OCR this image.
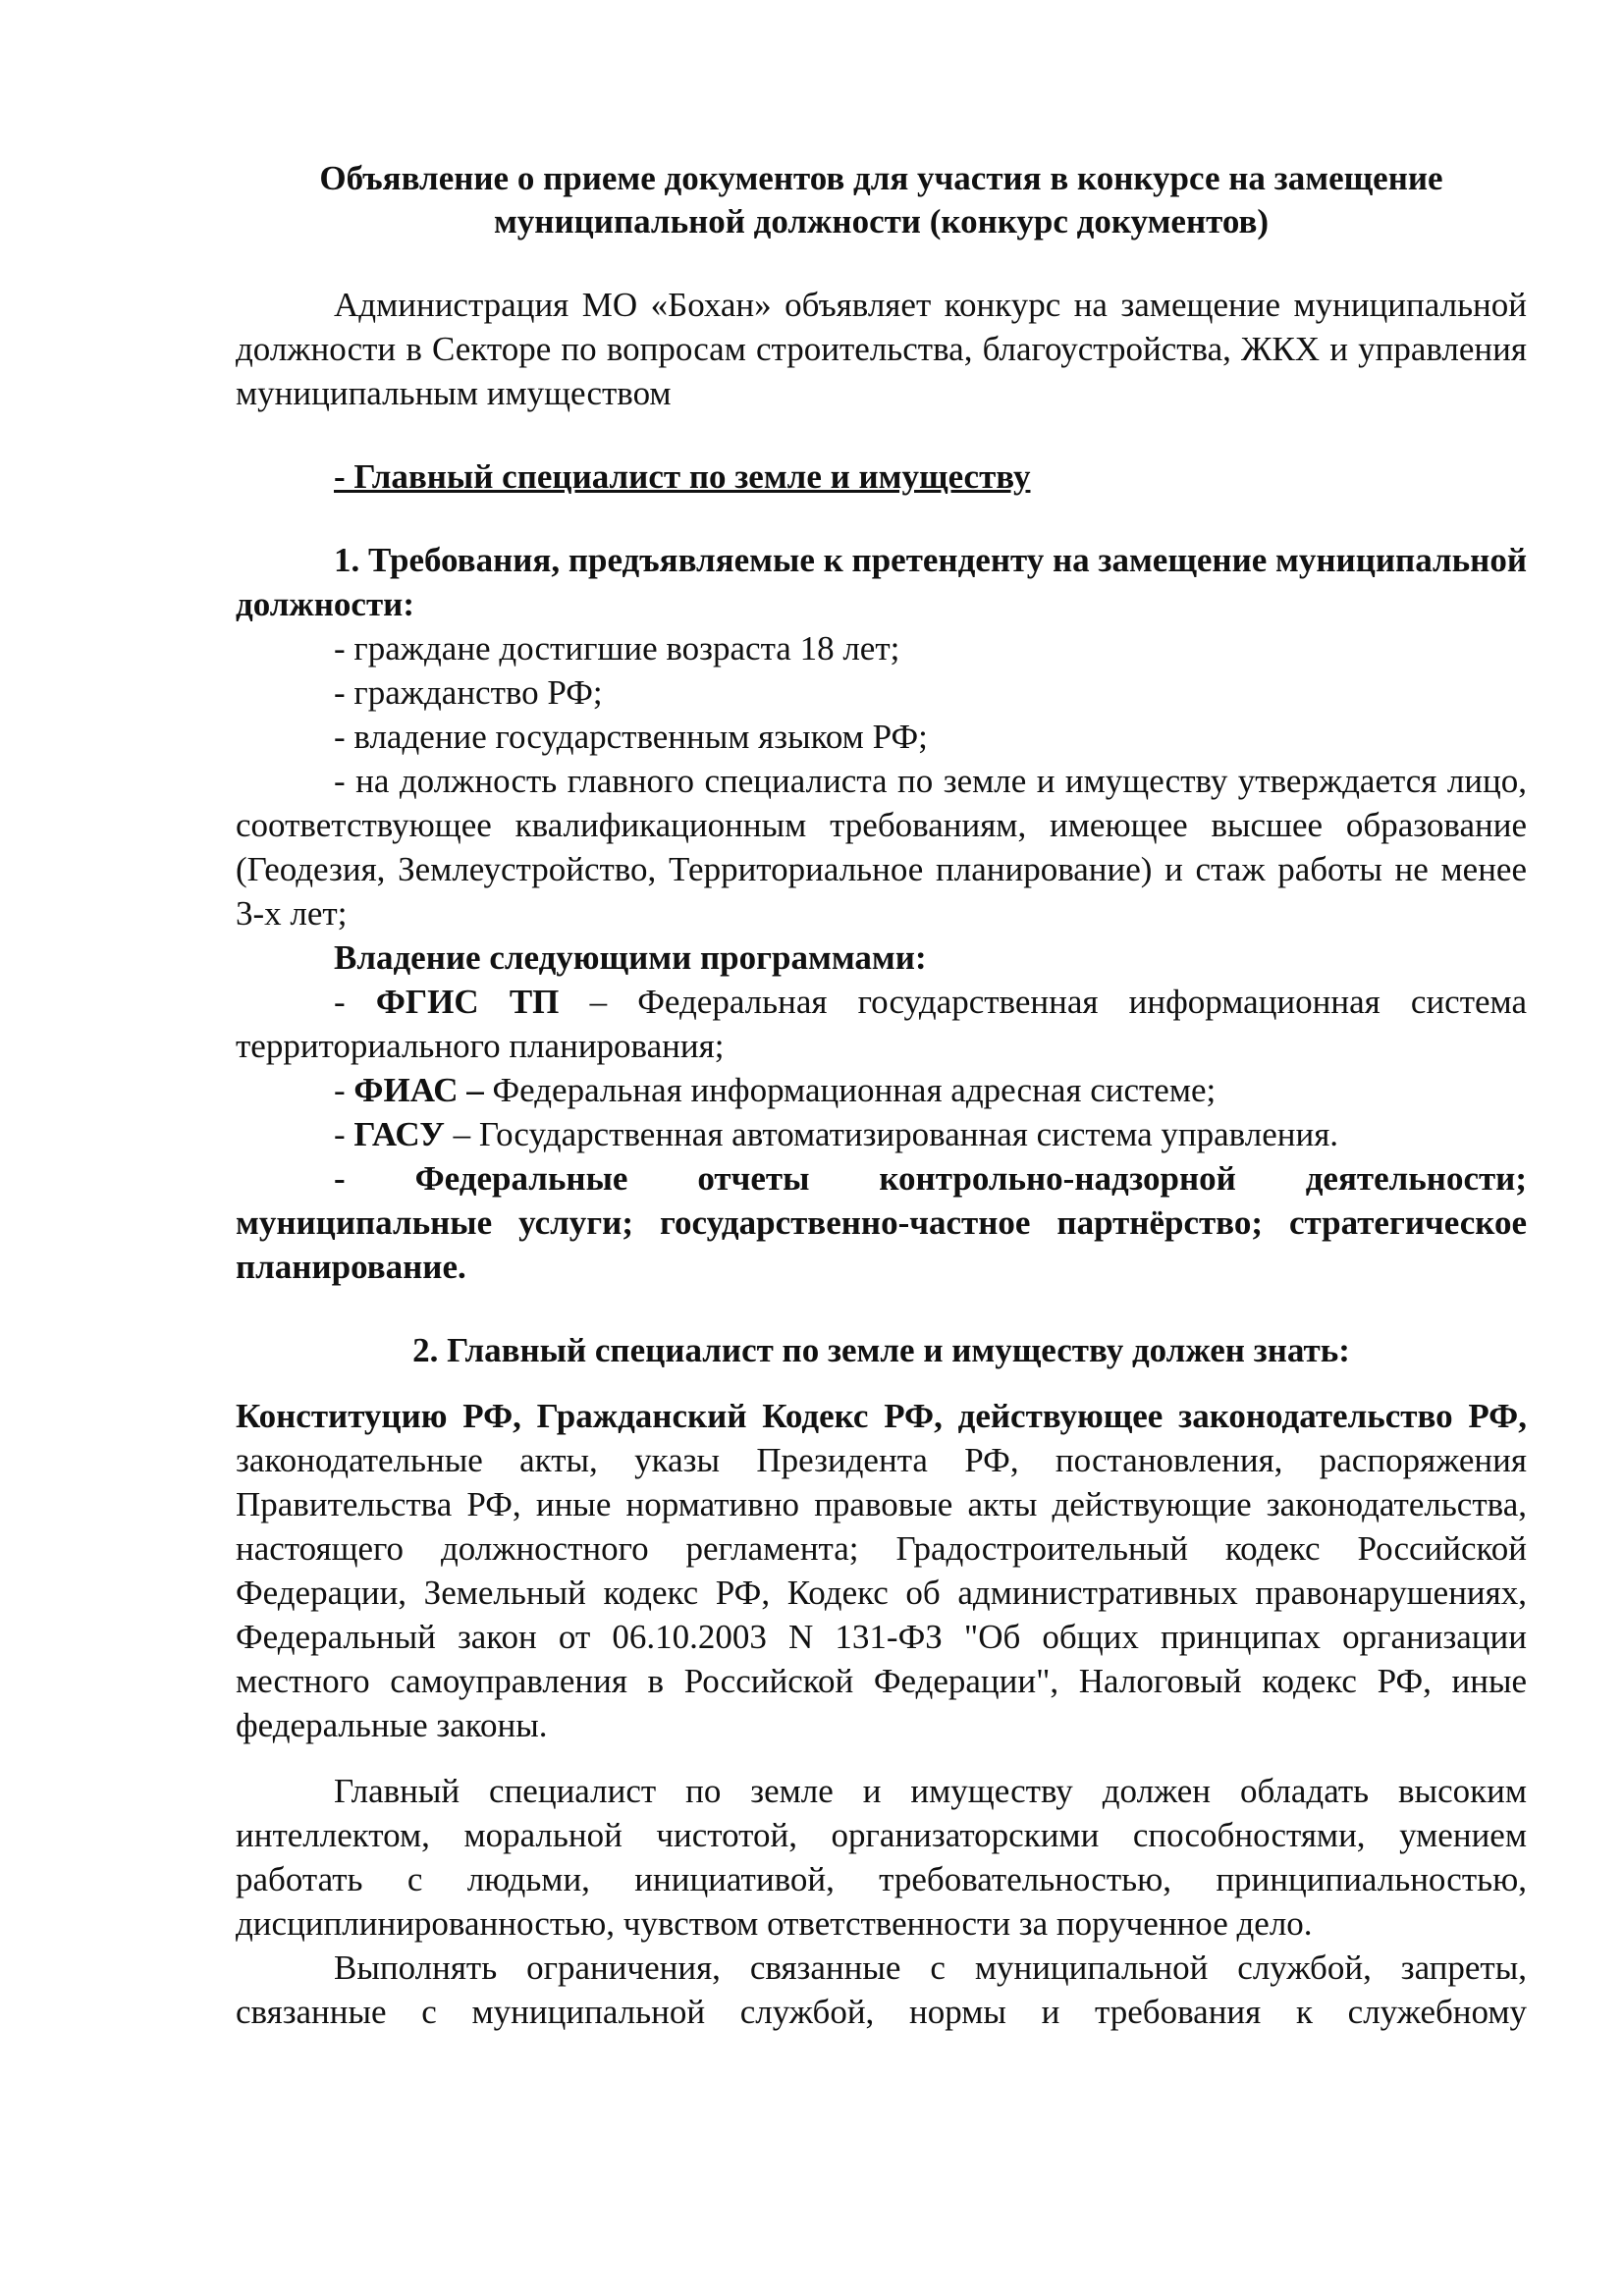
Объявление о приеме документов для участия в конкурсе на замещение

муниципальной должности (конкурс документов)

Администрация МО «Бохан» объявляет конкурс на замещение муниципальной должности в Секторе по вопросам строительства, благоустройства, ЖКХ и управления муниципальным имуществом

- Главный специалист по земле и имуществу

1. Требования, предъявляемые к претенденту на замещение муниципальной должности:

- граждане достигшие возраста 18 лет;

- гражданство РФ;

- владение государственным языком РФ;

- на должность главного специалиста по земле и имуществу утверждается лицо, соответствующее квалификационным требованиям, имеющее высшее образование (Геодезия, Землеустройство, Территориальное планирование) и стаж работы не менее 3-х лет;

Владение следующими программами:

- ФГИС ТП – Федеральная государственная информационная система территориального планирования;

- ФИАС – Федеральная информационная адресная системе;

- ГАСУ – Государственная автоматизированная система управления.

- Федеральные отчеты контрольно-надзорной деятельности; муниципальные услуги; государственно-частное партнёрство; стратегическое планирование.

2. Главный специалист по земле и имуществу должен знать:

Конституцию РФ, Гражданский Кодекс РФ, действующее законодательство РФ, законодательные акты, указы Президента РФ, постановления, распоряжения Правительства РФ, иные нормативно правовые акты действующие законодательства, настоящего должностного регламента; Градостроительный кодекс Российской Федерации, Земельный кодекс РФ, Кодекс об административных правонарушениях, Федеральный закон от 06.10.2003 N 131-ФЗ "Об общих принципах организации местного самоуправления в Российской Федерации", Налоговый кодекс РФ, иные федеральные законы.

Главный специалист по земле и имуществу должен обладать высоким интеллектом, моральной чистотой, организаторскими способностями, умением работать с людьми, инициативой, требовательностью, принципиальностью, дисциплинированностью, чувством ответственности за порученное дело.

Выполнять ограничения, связанные с муниципальной службой, запреты, связанные с муниципальной службой, нормы и требования к служебному
